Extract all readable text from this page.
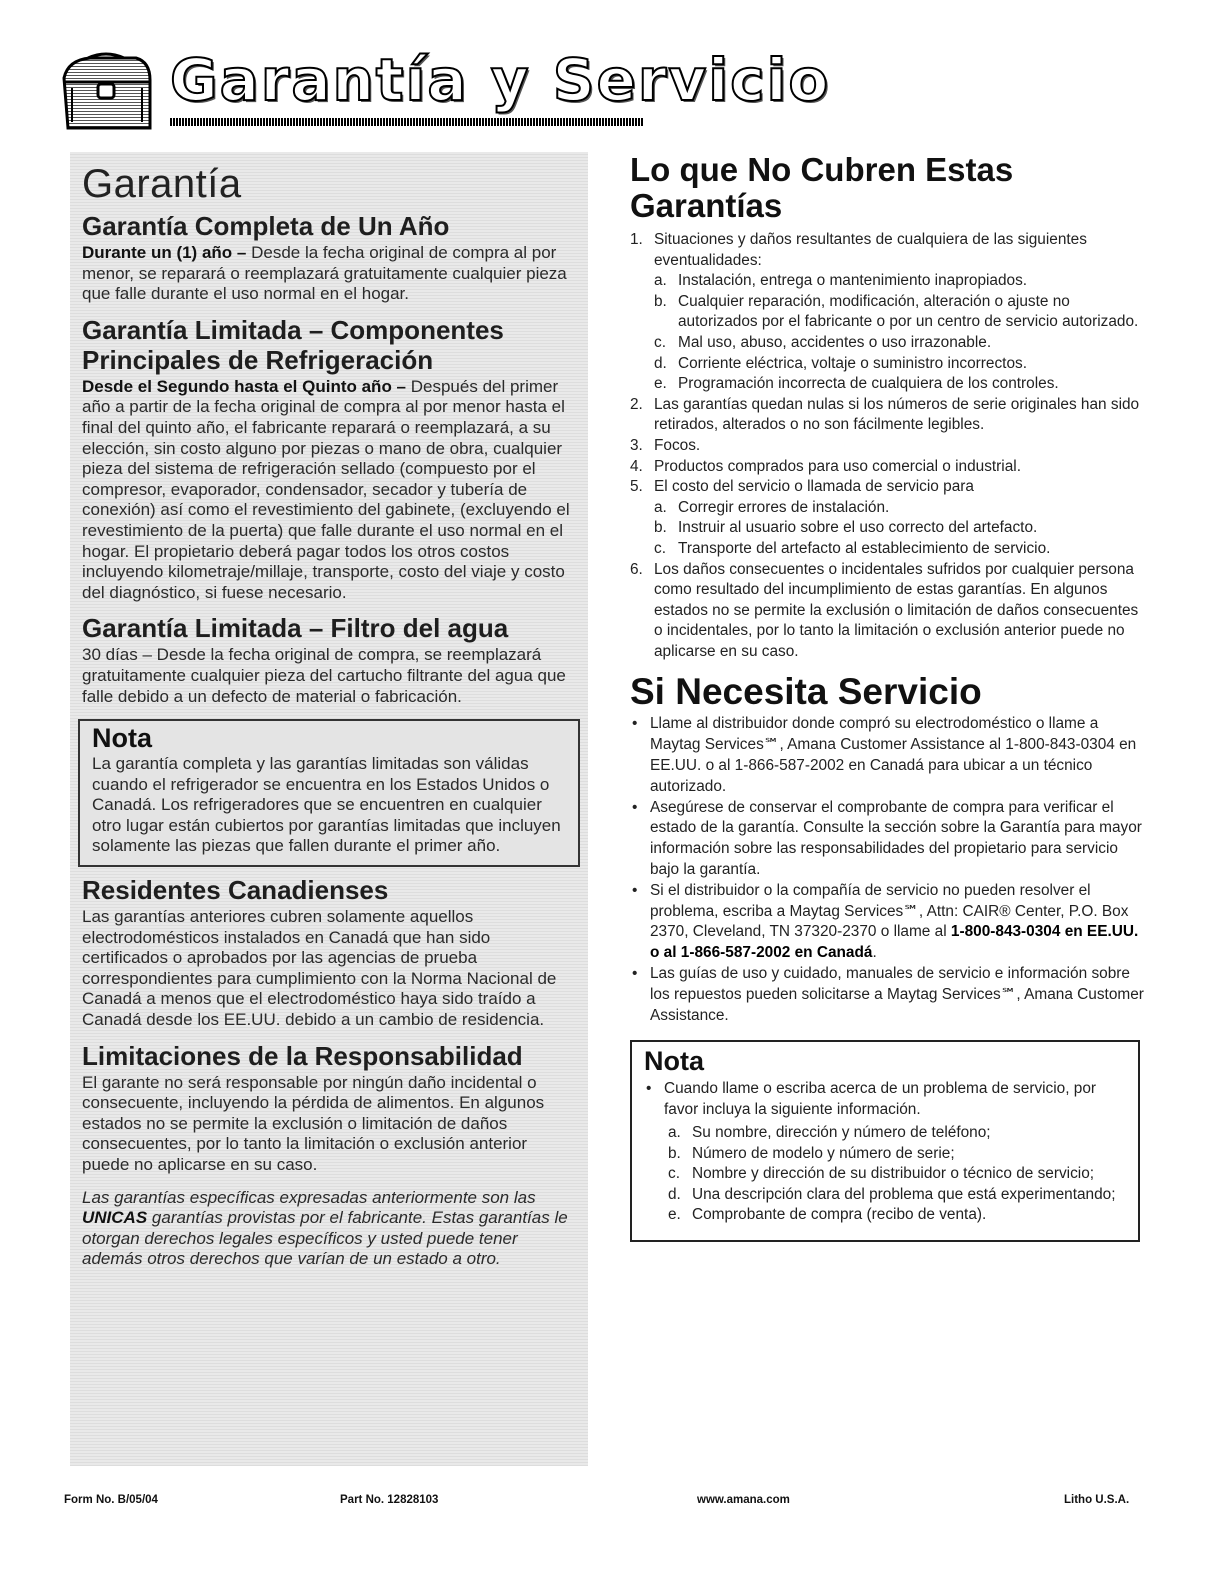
Garantía y Servicio
Garantía
Garantía Completa de Un Año

Durante un (1) año – Desde la fecha original de compra al por menor, se reparará o reemplazará gratuitamente cualquier pieza que falle durante el uso normal en el hogar.

Garantía Limitada – Componentes Principales de Refrigeración

Desde el Segundo hasta el Quinto año – Después del primer año a partir de la fecha original de compra al por menor hasta el final del quinto año, el fabricante reparará o reemplazará, a su elección, sin costo alguno por piezas o mano de obra, cualquier pieza del sistema de refrigeración sellado (compuesto por el compresor, evaporador, condensador, secador y tubería de conexión) así como el revestimiento del gabinete, (excluyendo el revestimiento de la puerta) que falle durante el uso normal en el hogar. El propietario deberá pagar todos los otros costos incluyendo kilometraje/millaje, transporte, costo del viaje y costo del diagnóstico, si fuese necesario.

Garantía Limitada – Filtro del agua

30 días – Desde la fecha original de compra, se reemplazará gratuitamente cualquier pieza del cartucho filtrante del agua que falle debido a un defecto de material o fabricación.

Nota

La garantía completa y las garantías limitadas son válidas cuando el refrigerador se encuentra en los Estados Unidos o Canadá. Los refrigeradores que se encuentren en cualquier otro lugar están cubiertos por garantías limitadas que incluyen solamente las piezas que fallen durante el primer año.

Residentes Canadienses

Las garantías anteriores cubren solamente aquellos electrodomésticos instalados en Canadá que han sido certificados o aprobados por las agencias de prueba correspondientes para cumplimiento con la Norma Nacional de Canadá a menos que el electrodoméstico haya sido traído a Canadá desde los EE.UU. debido a un cambio de residencia.

Limitaciones de la Responsabilidad

El garante no será responsable por ningún daño incidental o consecuente, incluyendo la pérdida de alimentos. En algunos estados no se permite la exclusión o limitación de daños consecuentes, por lo tanto la limitación o exclusión anterior puede no aplicarse en su caso.

Las garantías específicas expresadas anteriormente son las UNICAS garantías provistas por el fabricante. Estas garantías le otorgan derechos legales específicos y usted puede tener además otros derechos que varían de un estado a otro.

Lo que No Cubren Estas
Garantías
1. Situaciones y daños resultantes de cualquiera de las siguientes eventualidades:
a. Instalación, entrega o mantenimiento inapropiados.
b. Cualquier reparación, modificación, alteración o ajuste no autorizados por el fabricante o por un centro de servicio autorizado.
c. Mal uso, abuso, accidentes o uso irrazonable.
d. Corriente eléctrica, voltaje o suministro incorrectos.
e. Programación incorrecta de cualquiera de los controles.
2. Las garantías quedan nulas si los números de serie originales han sido retirados, alterados o no son fácilmente legibles.
3. Focos.
4. Productos comprados para uso comercial o industrial.
5. El costo del servicio o llamada de servicio para
a. Corregir errores de instalación.
b. Instruir al usuario sobre el uso correcto del artefacto.
c. Transporte del artefacto al establecimiento de servicio.
6. Los daños consecuentes o incidentales sufridos por cualquier persona como resultado del incumplimiento de estas garantías. En algunos estados no se permite la exclusión o limitación de daños consecuentes o incidentales, por lo tanto la limitación o exclusión anterior puede no aplicarse en su caso.
Si Necesita Servicio
• Llame al distribuidor donde compró su electrodoméstico o llame a Maytag Services℠, Amana Customer Assistance al 1-800-843-0304 en EE.UU. o al 1-866-587-2002 en Canadá para ubicar a un técnico autorizado.
• Asegúrese de conservar el comprobante de compra para verificar el estado de la garantía. Consulte la sección sobre la Garantía para mayor información sobre las responsabilidades del propietario para servicio bajo la garantía.
• Si el distribuidor o la compañía de servicio no pueden resolver el problema, escriba a Maytag Services℠, Attn: CAIR® Center, P.O. Box 2370, Cleveland, TN 37320-2370 o llame al 1-800-843-0304 en EE.UU. o al 1-866-587-2002 en Canadá.
• Las guías de uso y cuidado, manuales de servicio e información sobre los repuestos pueden solicitarse a Maytag Services℠, Amana Customer Assistance.
Nota
• Cuando llame o escriba acerca de un problema de servicio, por favor incluya la siguiente información.
a. Su nombre, dirección y número de teléfono;
b. Número de modelo y número de serie;
c. Nombre y dirección de su distribuidor o técnico de servicio;
d. Una descripción clara del problema que está experimentando;
e. Comprobante de compra (recibo de venta).
Form No. B/05/04	Part No. 12828103	www.amana.com	Litho U.S.A.
